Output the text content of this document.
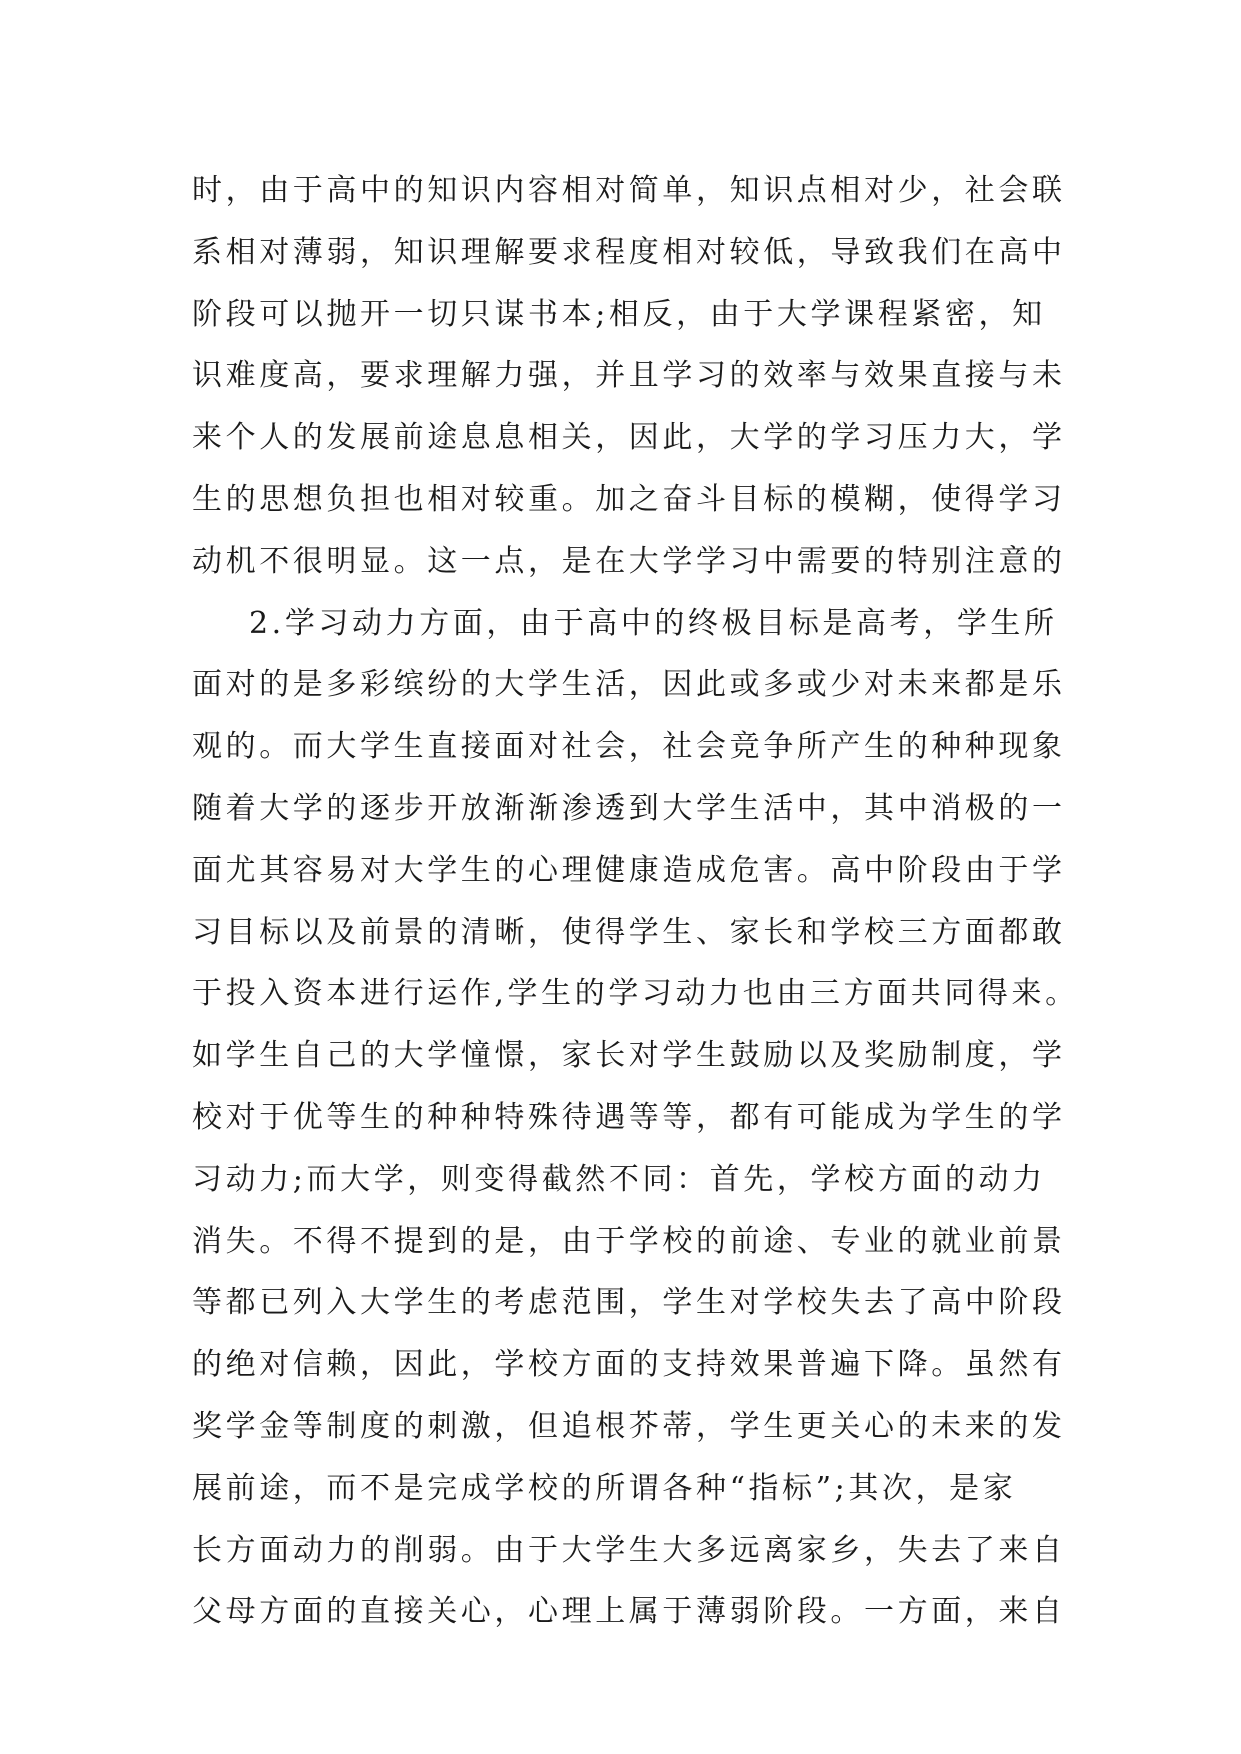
时，由于高中的知识内容相对简单，知识点相对少，社会联
系相对薄弱，知识理解要求程度相对较低，导致我们在高中
阶段可以抛开一切只谋书本;相反，由于大学课程紧密，知
识难度高，要求理解力强，并且学习的效率与效果直接与未
来个人的发展前途息息相关，因此，大学的学习压力大，学
生的思想负担也相对较重。加之奋斗目标的模糊，使得学习
动机不很明显。这一点，是在大学学习中需要的特别注意的
2.学习动力方面，由于高中的终极目标是高考，学生所
面对的是多彩缤纷的大学生活，因此或多或少对未来都是乐
观的。而大学生直接面对社会，社会竞争所产生的种种现象
随着大学的逐步开放渐渐渗透到大学生活中，其中消极的一
面尤其容易对大学生的心理健康造成危害。高中阶段由于学
习目标以及前景的清晰，使得学生、家长和学校三方面都敢
于投入资本进行运作,学生的学习动力也由三方面共同得来。
如学生自己的大学憧憬，家长对学生鼓励以及奖励制度，学
校对于优等生的种种特殊待遇等等，都有可能成为学生的学
习动力;而大学，则变得截然不同：首先，学校方面的动力
消失。不得不提到的是，由于学校的前途、专业的就业前景
等都已列入大学生的考虑范围，学生对学校失去了高中阶段
的绝对信赖，因此，学校方面的支持效果普遍下降。虽然有
奖学金等制度的刺激，但追根芥蒂，学生更关心的未来的发
展前途，而不是完成学校的所谓各种“指标”;其次，是家
长方面动力的削弱。由于大学生大多远离家乡，失去了来自
父母方面的直接关心，心理上属于薄弱阶段。一方面，来自
